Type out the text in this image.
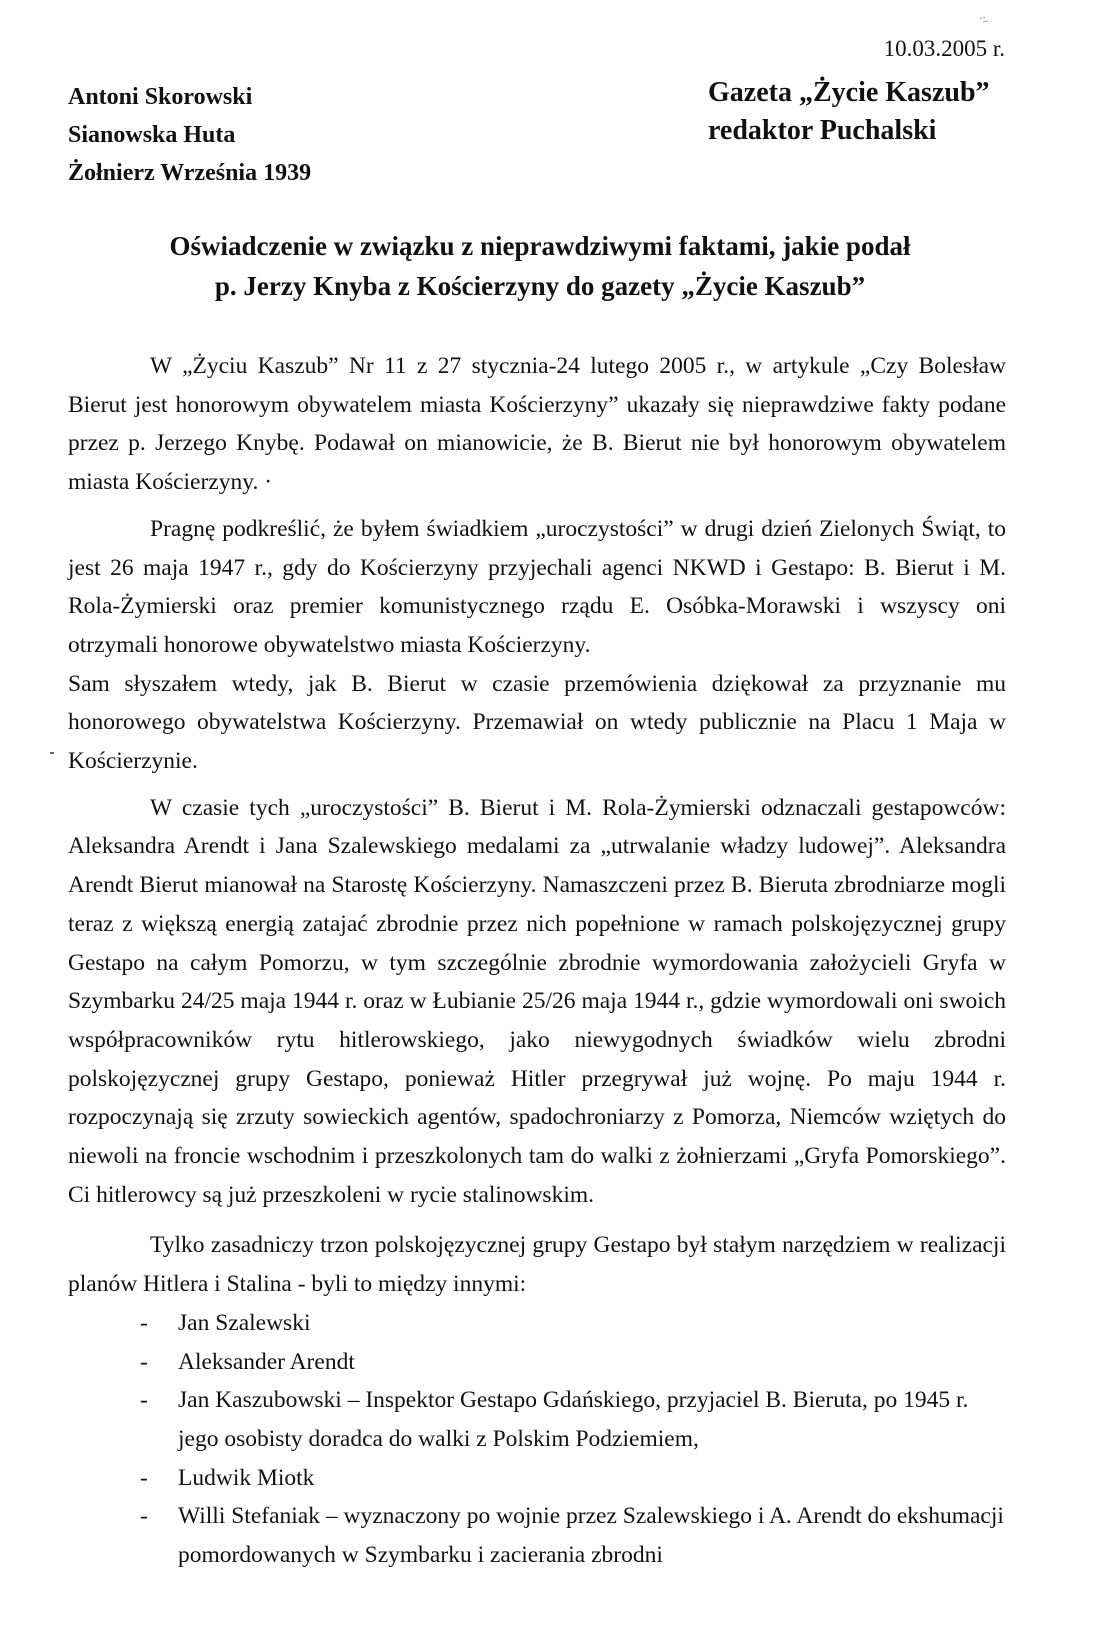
·:.
10.03.2005 r.
Antoni Skorowski
Sianowska Huta
Żołnierz Września 1939
Gazeta „Życie Kaszub”
redaktor Puchalski
Oświadczenie w związku z nieprawdziwymi faktami, jakie podał
p. Jerzy Knyba z Kościerzyny do gazety „Życie Kaszub”

W „Życiu Kaszub” Nr 11 z 27 stycznia-24 lutego 2005 r., w artykule „Czy Bolesław Bierut jest honorowym obywatelem miasta Kościerzyny” ukazały się nieprawdziwe fakty podane przez p. Jerzego Knybę. Podawał on mianowicie, że B. Bierut nie był honorowym obywatelem miasta Kościerzyny. ·

Pragnę podkreślić, że byłem świadkiem „uroczystości” w drugi dzień Zielonych Świąt, to jest 26 maja 1947 r., gdy do Kościerzyny przyjechali agenci NKWD i Gestapo: B. Bierut i M. Rola-Żymierski oraz premier komunistycznego rządu E. Osóbka-Morawski i wszyscy oni otrzymali honorowe obywatelstwo miasta Kościerzyny.

Sam słyszałem wtedy, jak B. Bierut w czasie przemówienia dziękował za przyznanie mu honorowego obywatelstwa Kościerzyny. Przemawiał on wtedy publicznie na Placu 1 Maja w Kościerzynie.

W czasie tych „uroczystości” B. Bierut i M. Rola-Żymierski odznaczali gestapowców: Aleksandra Arendt i Jana Szalewskiego medalami za „utrwalanie władzy ludowej”. Aleksandra Arendt Bierut mianował na Starostę Kościerzyny. Namaszczeni przez B. Bieruta zbrodniarze mogli teraz z większą energią zatajać zbrodnie przez nich popełnione w ramach polskojęzycznej grupy Gestapo na całym Pomorzu, w tym szczególnie zbrodnie wymordowania założycieli Gryfa w Szymbarku 24/25 maja 1944 r. oraz w Łubianie 25/26 maja 1944 r., gdzie wymordowali oni swoich współpracowników rytu hitlerowskiego, jako niewygodnych świadków wielu zbrodni polskojęzycznej grupy Gestapo, ponieważ Hitler przegrywał już wojnę. Po maju 1944 r. rozpoczynają się zrzuty sowieckich agentów, spadochroniarzy z Pomorza, Niemców wziętych do niewoli na froncie wschodnim i przeszkolonych tam do walki z żołnierzami „Gryfa Pomorskiego”. Ci hitlerowcy są już przeszkoleni w rycie stalinowskim.

Tylko zasadniczy trzon polskojęzycznej grupy Gestapo był stałym narzędziem w realizacji planów Hitlera i Stalina - byli to między innymi:

- Jan Szalewski
- Aleksander Arendt
- Jan Kaszubowski – Inspektor Gestapo Gdańskiego, przyjaciel B. Bieruta, po 1945 r. jego osobisty doradca do walki z Polskim Podziemiem,
- Ludwik Miotk
- Willi Stefaniak – wyznaczony po wojnie przez Szalewskiego i A. Arendt do ekshumacji pomordowanych w Szymbarku i zacierania zbrodni
